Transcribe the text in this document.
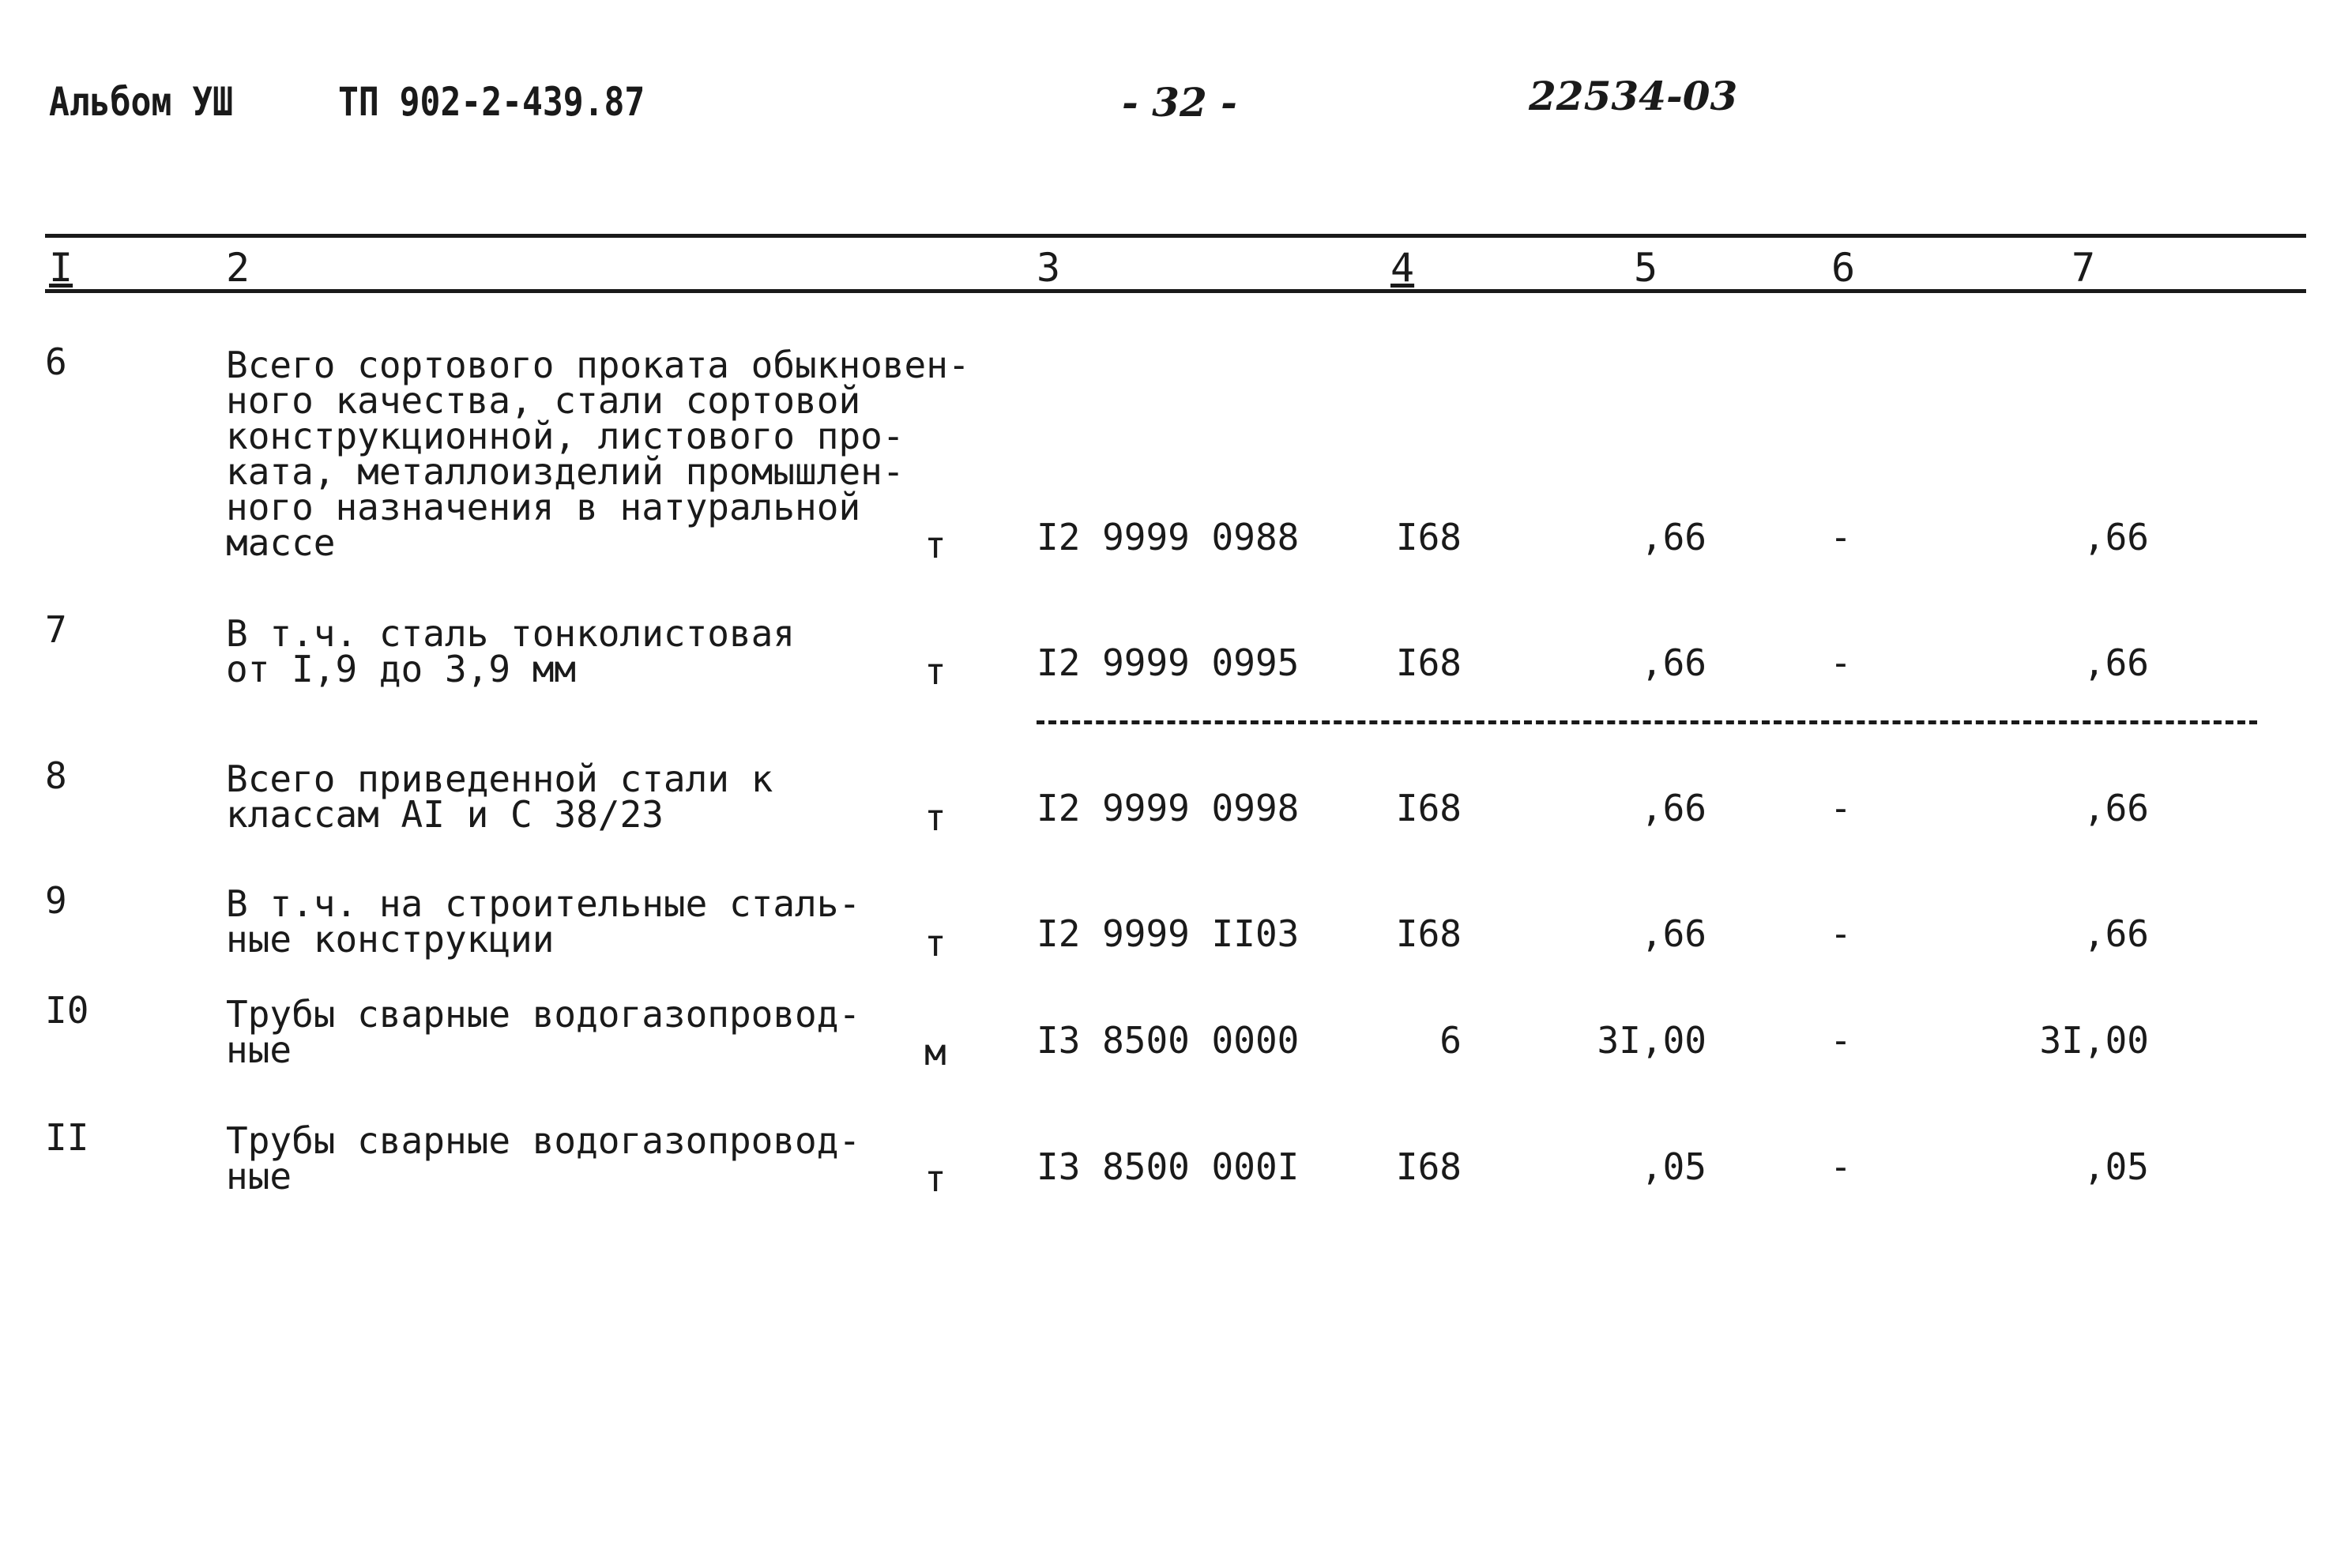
Альбом УШ	ТП 902-2-439.87	- 32 -	22534-03
I	2	3	4	5	6	7
6	Всего сортового проката обыкновен-
ного качества, стали сортовой
конструкционной, листового про-
ката, металлоизделий промышлен-
ного назначения в натуральной
массе	т I2 9999 0988	I68	,66	-	,66
7	В т.ч. сталь тонколистовая
от I,9 до 3,9 мм	т I2 9999 0995	I68	,66	-	,66
8	Всего приведенной стали к
классам AI и С 38/23	т I2 9999 0998	I68	,66	-	,66
9	В т.ч. на строительные сталь-
ные конструкции	т I2 9999 II03	I68	,66	-	,66
I0	Трубы сварные водогазопровод-
ные	м I3 8500 0000	6	3I,00	-	3I,00
II	Трубы сварные водогазопровод-
ные	т I3 8500 000I	I68	,05	-	,05
